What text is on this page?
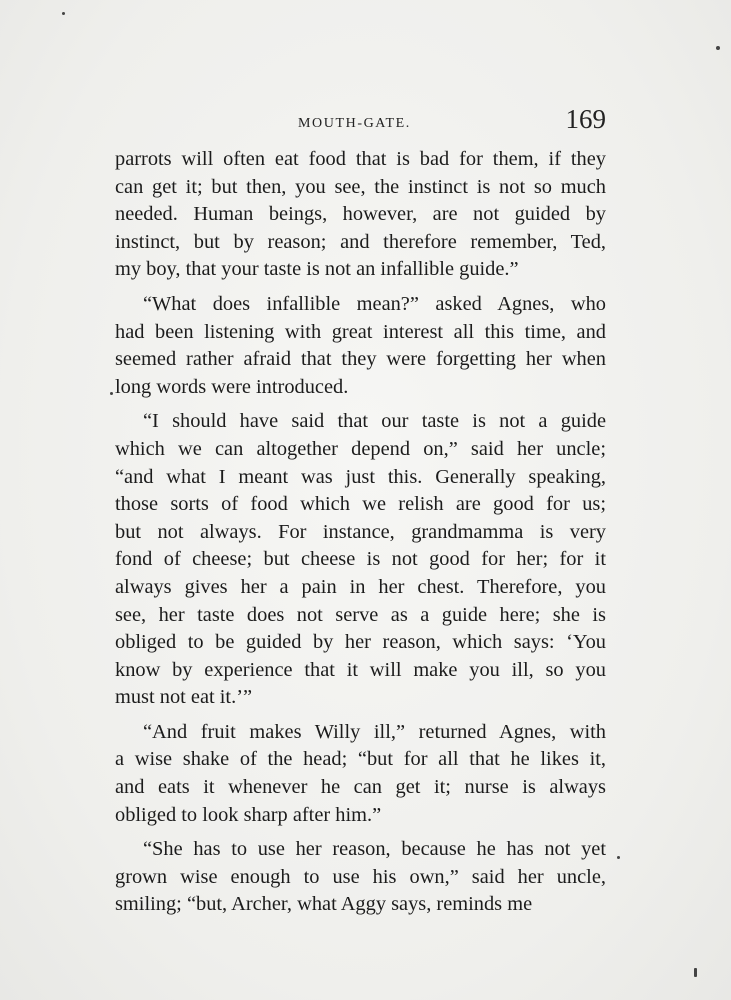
MOUTH-GATE.	169
parrots will often eat food that is bad for them, if they
can get it; but then, you see, the instinct is not so much
needed. Human beings, however, are not guided by
instinct, but by reason; and therefore remember, Ted,
my boy, that your taste is not an infallible guide.”
“What does infallible mean?” asked Agnes, who
had been listening with great interest all this time, and
seemed rather afraid that they were forgetting her when
long words were introduced.
“I should have said that our taste is not a guide
which we can altogether depend on,” said her uncle;
“and what I meant was just this. Generally speaking,
those sorts of food which we relish are good for us;
but not always. For instance, grandmamma is very
fond of cheese; but cheese is not good for her; for it
always gives her a pain in her chest. Therefore, you
see, her taste does not serve as a guide here; she is
obliged to be guided by her reason, which says: ‘You
know by experience that it will make you ill, so you
must not eat it.’”
“And fruit makes Willy ill,” returned Agnes, with
a wise shake of the head; “but for all that he likes it,
and eats it whenever he can get it; nurse is always
obliged to look sharp after him.”
“She has to use her reason, because he has not yet
grown wise enough to use his own,” said her uncle,
smiling; “but, Archer, what Aggy says, reminds me
